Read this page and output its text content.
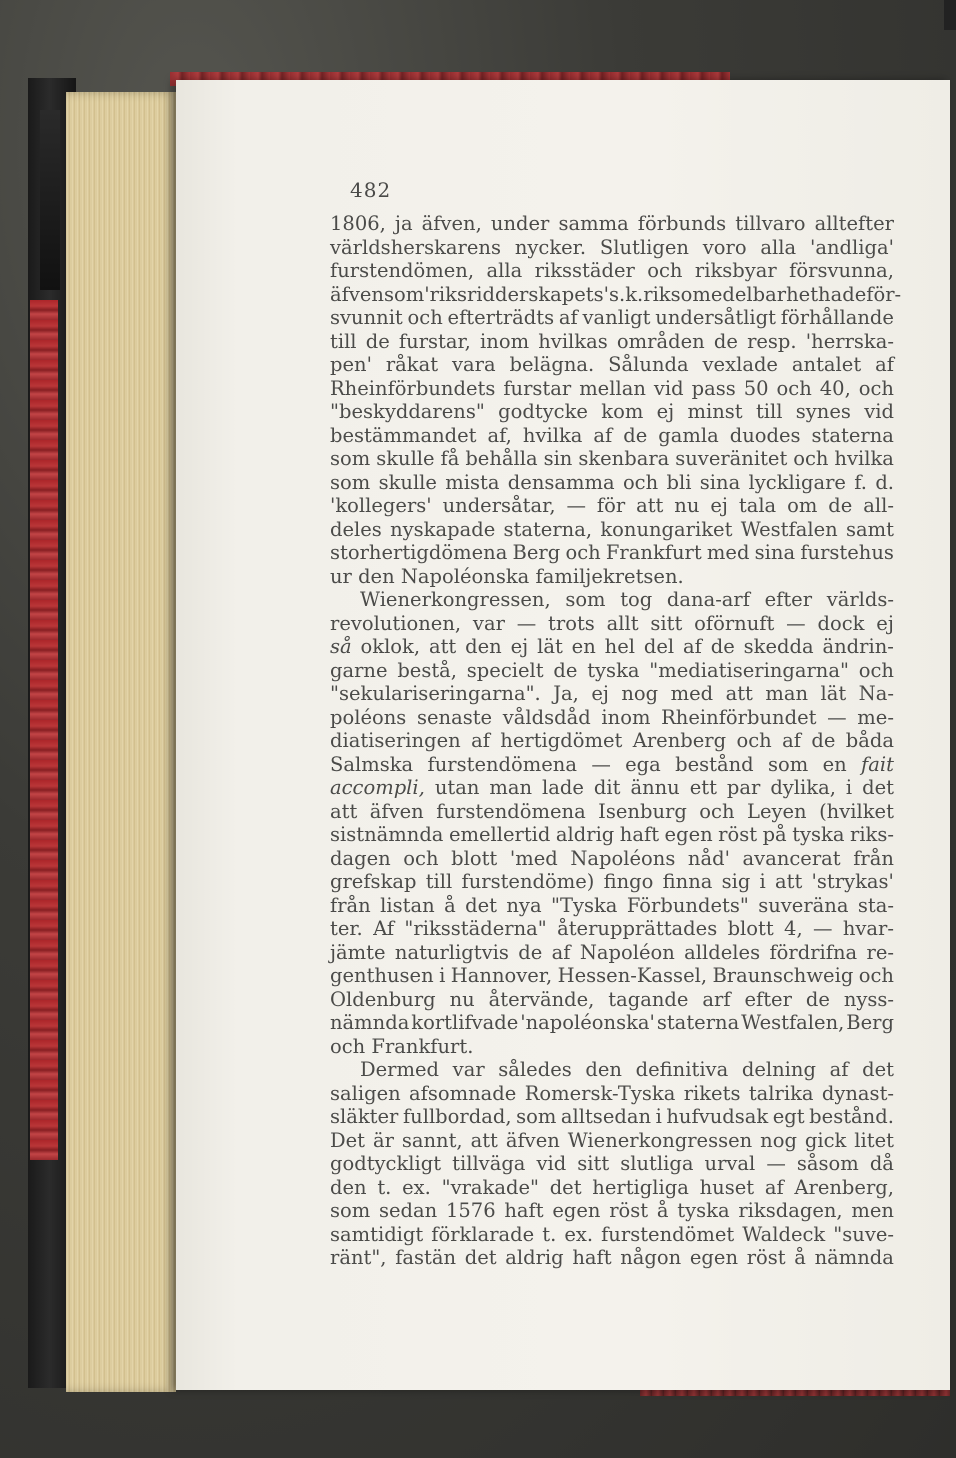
482
1806, ja äfven, under samma förbunds tillvaro alltefter
världsherskarens nycker. Slutligen voro alla 'andliga'
furstendömen, alla riksstäder och riksbyar försvunna,
äfvensom 'riksridderskapets' s. k. riksomedelbarhet hade för-
svunnit och efterträdts af vanligt undersåtligt förhållande
till de furstar, inom hvilkas områden de resp. 'herrska-
pen' råkat vara belägna. Sålunda vexlade antalet af
Rheinförbundets furstar mellan vid pass 50 och 40, och
"beskyddarens" godtycke kom ej minst till synes vid
bestämmandet af, hvilka af de gamla duodes staterna
som skulle få behålla sin skenbara suveränitet och hvilka
som skulle mista densamma och bli sina lyckligare f. d.
'kollegers' undersåtar, — för att nu ej tala om de all-
deles nyskapade staterna, konungariket Westfalen samt
storhertigdömena Berg och Frankfurt med sina furstehus
ur den Napoléonska familjekretsen.
Wienerkongressen, som tog dana-arf efter världs-
revolutionen, var — trots allt sitt oförnuft — dock ej
så oklok, att den ej lät en hel del af de skedda ändrin-
garne bestå, specielt de tyska "mediatiseringarna" och
"sekulariseringarna". Ja, ej nog med att man lät Na-
poléons senaste våldsdåd inom Rheinförbundet — me-
diatiseringen af hertigdömet Arenberg och af de båda
Salmska furstendömena — ega bestånd som en fait
accompli, utan man lade dit ännu ett par dylika, i det
att äfven furstendömena Isenburg och Leyen (hvilket
sistnämnda emellertid aldrig haft egen röst på tyska riks-
dagen och blott 'med Napoléons nåd' avancerat från
grefskap till furstendöme) fingo finna sig i att 'strykas'
från listan å det nya "Tyska Förbundets" suveräna sta-
ter. Af "riksstäderna" återupprättades blott 4, — hvar-
jämte naturligtvis de af Napoléon alldeles fördrifna re-
genthusen i Hannover, Hessen-Kassel, Braunschweig och
Oldenburg nu återvände, tagande arf efter de nyss-
nämnda kortlifvade 'napoléonska' staterna Westfalen, Berg
och Frankfurt.
Dermed var således den definitiva delning af det
saligen afsomnade Romersk-Tyska rikets talrika dynast-
släkter fullbordad, som alltsedan i hufvudsak egt bestånd.
Det är sannt, att äfven Wienerkongressen nog gick litet
godtyckligt tillväga vid sitt slutliga urval — såsom då
den t. ex. "vrakade" det hertigliga huset af Arenberg,
som sedan 1576 haft egen röst å tyska riksdagen, men
samtidigt förklarade t. ex. furstendömet Waldeck "suve-
ränt", fastän det aldrig haft någon egen röst å nämnda
